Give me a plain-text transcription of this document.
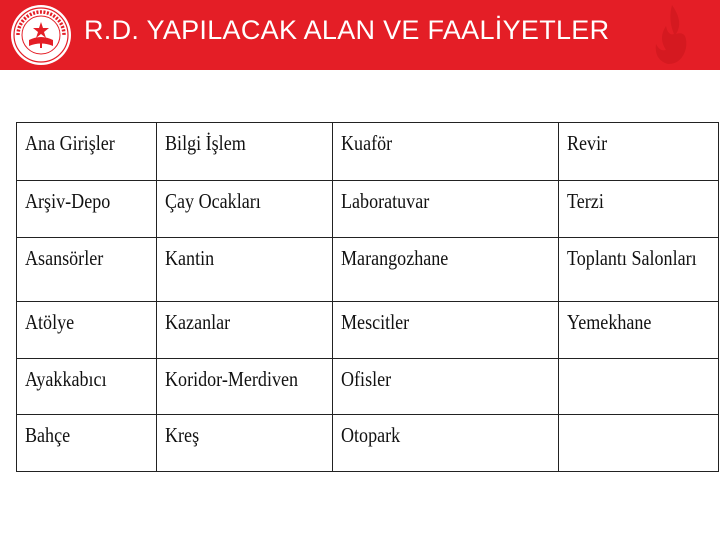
R.D. YAPILACAK ALAN VE FAALİYETLER
Ana Girişler	Bilgi İşlem	Kuaför	Revir
Arşiv-Depo	Çay Ocakları	Laboratuvar	Terzi
Asansörler	Kantin	Marangozhane	Toplantı Salonları
Atölye	Kazanlar	Mescitler	Yemekhane
Ayakkabıcı	Koridor-Merdiven	Ofisler	
Bahçe	Kreş	Otopark	
